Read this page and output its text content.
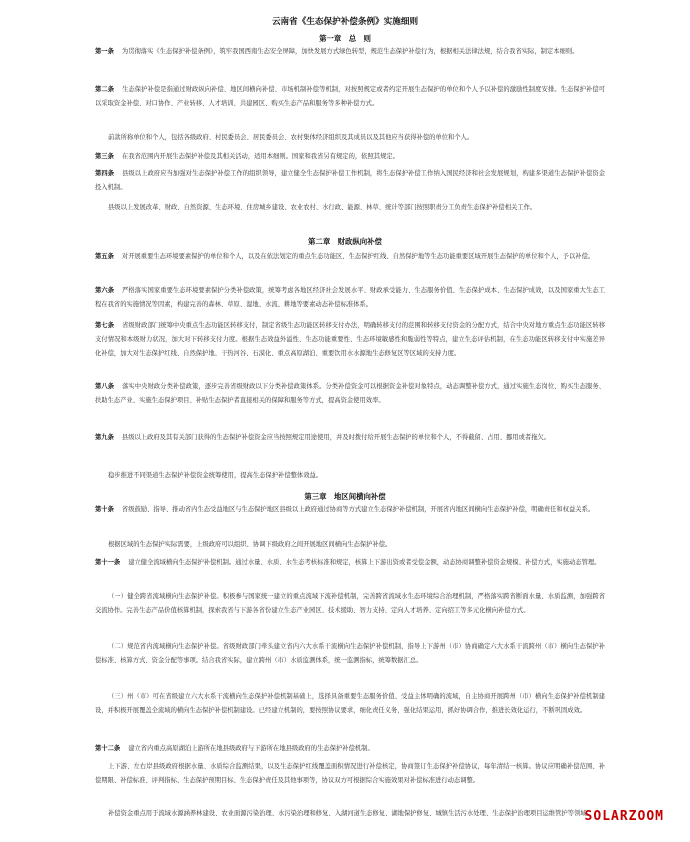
云南省《生态保护补偿条例》实施细则
第一章　总　则

第一条 为贯彻落实《生态保护补偿条例》，筑牢我国西南生态安全屏障，加快发展方式绿色转型，规范生态保护补偿行为，根据相关法律法规，结合我省实际，制定本细则。

第二条 生态保护补偿是指通过财政纵向补偿、地区间横向补偿、市场机制补偿等机制，对按照规定或者约定开展生态保护的单位和个人予以补偿的激励性制度安排。生态保护补偿可以采取资金补偿、对口协作、产业转移、人才培训、共建园区、购买生态产品和服务等多种补偿方式。

前款所称单位和个人，包括各级政府、村民委员会、居民委员会、农村集体经济组织及其成员以及其他应当获得补偿的单位和个人。

第三条 在我省范围内开展生态保护补偿及其相关活动，适用本细则。国家和我省另有规定的，依照其规定。

第四条 县级以上政府应当加强对生态保护补偿工作的组织领导，建立健全生态保护补偿工作机制，将生态保护补偿工作纳入国民经济和社会发展规划，构建多渠道生态保护补偿资金投入机制。

县级以上发展改革、财政、自然资源、生态环境、住房城乡建设、农业农村、水行政、能源、林草、统计等部门按照职责分工负责生态保护补偿相关工作。

第二章　财政纵向补偿

第五条 对开展重要生态环境要素保护的单位和个人，以及在依法划定的重点生态功能区、生态保护红线、自然保护地等生态功能重要区域开展生态保护的单位和个人，予以补偿。

第六条 严格落实国家重要生态环境要素保护分类补偿政策，统筹考虑各地区经济社会发展水平、财政承受能力、生态服务价值、生态保护成本、生态保护成效，以及国家重大生态工程在我省的实施情况等因素，构建完善的森林、草原、湿地、水流、耕地等要素动态补偿标准体系。

第七条 省级财政部门统筹中央重点生态功能区转移支付，制定省级生态功能区转移支付办法，明确转移支付的范围和转移支付资金的分配方式，结合中央对地方重点生态功能区转移支付情况和本级财力状况，加大对下转移支付力度。根据生态效益外溢性、生态功能重要性、生态环境敏感性和脆弱性等特点，建立生态评估机制，在生态功能区转移支付中实施差异化补偿，加大对生态保护红线、自然保护地、干热河谷、石漠化、重点高原湖泊、重要饮用水水源地生态修复区等区域的支持力度。

第八条 落实中央财政分类补偿政策，逐步完善省级财政以下分类补偿政策体系。分类补偿资金可以根据资金补偿对象特点，动态调整补偿方式，通过实施生态岗位、购买生态服务、扶助生态产业、实施生态保护项目、补贴生态保护者直接相关的保障和服务等方式，提高资金使用效率。

第九条 县级以上政府及其有关部门获得的生态保护补偿资金应当按照规定用途使用，并及时拨付给开展生态保护的单位和个人，不得截留、占用、挪用或者拖欠。

稳步推进不同渠道生态保护补偿资金统筹使用，提高生态保护补偿整体效益。

第三章　地区间横向补偿

第十条 省级鼓励、指导、推动省内生态受益地区与生态保护地区县级以上政府通过协商等方式建立生态保护补偿机制，开展省内地区间横向生态保护补偿，明确责任和权益关系。

根据区域的生态保护实际需要，上级政府可以组织、协调下级政府之间开展地区间横向生态保护补偿。

第十一条 建立健全流域横向生态保护补偿机制。通过水量、水质、水生态考核标准和规定，核算上下游出资或者受偿金额，动态协商调整补偿资金规模、补偿方式，实施动态管理。

（一）健全跨省流域横向生态保护补偿。积极参与国家统一建立的重点流域下流补偿机制，完善跨省流域水生态环境综合治理机制，严格落实跨省断面水量、水质监测，加强跨省交流协作。完善生态产品价值核算机制，探索我省与下游各省份建立生态产业园区、技术援助、智力支持、定向人才培养、定向招工等多元化横向补偿方式。

（二）规范省内流域横向生态保护补偿。省级财政部门牵头建立省内六大水系干流横向生态保护补偿机制，指导上下游州（市）协商确定六大水系干流跨州（市）横向生态保护补偿标准、核算方式、资金分配等事项。结合我省实际，建立跨州（市）水质监测体系，统一监测指标，统筹数据汇总。

（三）州（市）可在省级建立六大水系干流横向生态保护补偿机制基础上，选择具备重要生态服务价值、受益主体明确的流域，自主协商开展跨州（市）横向生态保护补偿机制建设，并积极开展覆盖全流域的横向生态保护补偿机制建设。已经建立机制的，要按照协议要求，细化责任义务，强化结果运用，抓好协调合作，推进长效化运行，不断巩固成效。

第十二条 建立省内重点高原湖泊上游所在地县级政府与下游所在地县级政府的生态保护补偿机制。

上下游、左右岸县级政府根据水量、水质综合监测结果，以及生态保护红线覆盖面积情况进行补偿核定，协商签订生态保护补偿协议，每年清结一核算。协议应明确补偿范围、补偿期限、补偿标准、评判指标、生态保护预期目标、生态保护责任及其他事项等，协议双方可根据综合实施效果对补偿标准进行动态调整。

补偿资金重点用于流域水源涵养林建设、农业面源污染治理、水污染治理和修复、入湖河道生态修复、湖地保护修复、城镇生活污水处理、生态保护治理项目运维管护等领域。

SOLARZOOM
